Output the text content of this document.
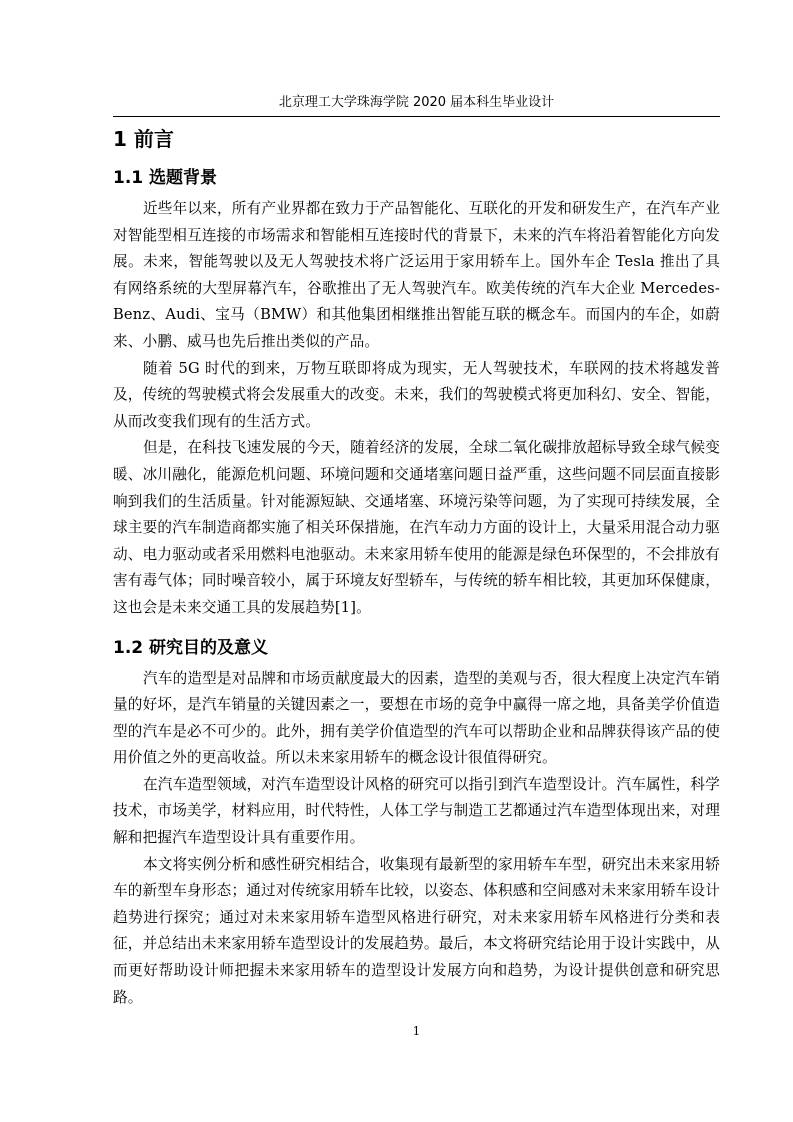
北京理工大学珠海学院 2020 届本科生毕业设计
1 前言
1.1 选题背景

近些年以来，所有产业界都在致力于产品智能化、互联化的开发和研发生产，在汽车产业对智能型相互连接的市场需求和智能相互连接时代的背景下，未来的汽车将沿着智能化方向发展。未来，智能驾驶以及无人驾驶技术将广泛运用于家用轿车上。国外车企 Tesla 推出了具有网络系统的大型屏幕汽车，谷歌推出了无人驾驶汽车。欧美传统的汽车大企业 Mercedes-Benz、Audi、宝马（BMW）和其他集团相继推出智能互联的概念车。而国内的车企，如蔚来、小鹏、威马也先后推出类似的产品。

随着 5G 时代的到来，万物互联即将成为现实，无人驾驶技术，车联网的技术将越发普及，传统的驾驶模式将会发展重大的改变。未来，我们的驾驶模式将更加科幻、安全、智能，从而改变我们现有的生活方式。

但是，在科技飞速发展的今天，随着经济的发展，全球二氧化碳排放超标导致全球气候变暖、冰川融化，能源危机问题、环境问题和交通堵塞问题日益严重，这些问题不同层面直接影响到我们的生活质量。针对能源短缺、交通堵塞、环境污染等问题，为了实现可持续发展，全球主要的汽车制造商都实施了相关环保措施，在汽车动力方面的设计上，大量采用混合动力驱动、电力驱动或者采用燃料电池驱动。未来家用轿车使用的能源是绿色环保型的，不会排放有害有毒气体；同时噪音较小，属于环境友好型轿车，与传统的轿车相比较，其更加环保健康，这也会是未来交通工具的发展趋势[1]。

1.2 研究目的及意义

汽车的造型是对品牌和市场贡献度最大的因素，造型的美观与否，很大程度上决定汽车销量的好坏，是汽车销量的关键因素之一，要想在市场的竞争中赢得一席之地，具备美学价值造型的汽车是必不可少的。此外，拥有美学价值造型的汽车可以帮助企业和品牌获得该产品的使用价值之外的更高收益。所以未来家用轿车的概念设计很值得研究。

在汽车造型领域，对汽车造型设计风格的研究可以指引到汽车造型设计。汽车属性，科学技术，市场美学，材料应用，时代特性，人体工学与制造工艺都通过汽车造型体现出来，对理解和把握汽车造型设计具有重要作用。

本文将实例分析和感性研究相结合，收集现有最新型的家用轿车车型，研究出未来家用轿车的新型车身形态；通过对传统家用轿车比较，以姿态、体积感和空间感对未来家用轿车设计趋势进行探究；通过对未来家用轿车造型风格进行研究，对未来家用轿车风格进行分类和表征，并总结出未来家用轿车造型设计的发展趋势。最后，本文将研究结论用于设计实践中，从而更好帮助设计师把握未来家用轿车的造型设计发展方向和趋势，为设计提供创意和研究思路。

1
